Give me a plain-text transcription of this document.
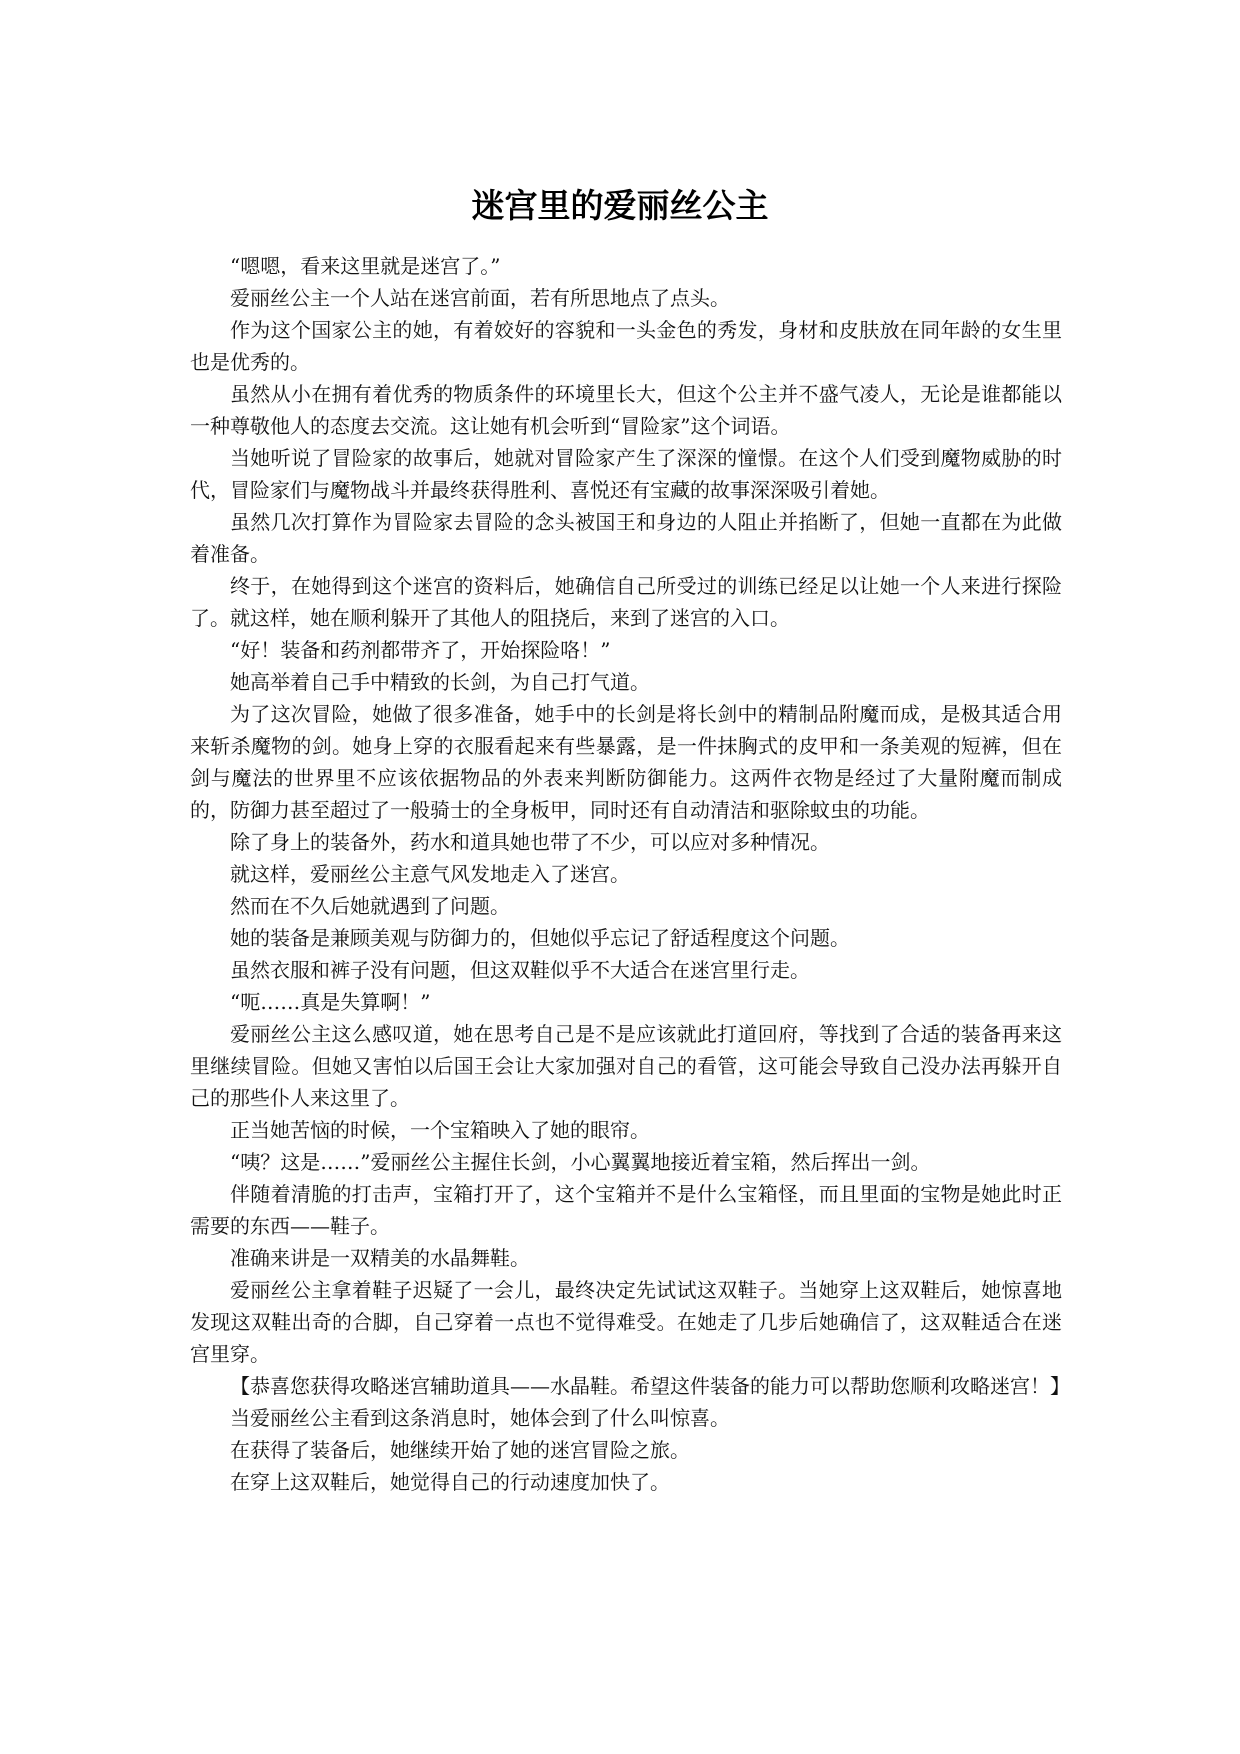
迷宫里的爱丽丝公主

“嗯嗯，看来这里就是迷宫了。”

爱丽丝公主一个人站在迷宫前面，若有所思地点了点头。

作为这个国家公主的她，有着姣好的容貌和一头金色的秀发，身材和皮肤放在同年龄的女生里也是优秀的。

虽然从小在拥有着优秀的物质条件的环境里长大，但这个公主并不盛气凌人，无论是谁都能以一种尊敬他人的态度去交流。这让她有机会听到“冒险家”这个词语。

当她听说了冒险家的故事后，她就对冒险家产生了深深的憧憬。在这个人们受到魔物威胁的时代，冒险家们与魔物战斗并最终获得胜利、喜悦还有宝藏的故事深深吸引着她。

虽然几次打算作为冒险家去冒险的念头被国王和身边的人阻止并掐断了，但她一直都在为此做着准备。

终于，在她得到这个迷宫的资料后，她确信自己所受过的训练已经足以让她一个人来进行探险了。就这样，她在顺利躲开了其他人的阻挠后，来到了迷宫的入口。

“好！装备和药剂都带齐了，开始探险咯！”

她高举着自己手中精致的长剑，为自己打气道。

为了这次冒险，她做了很多准备，她手中的长剑是将长剑中的精制品附魔而成，是极其适合用来斩杀魔物的剑。她身上穿的衣服看起来有些暴露，是一件抹胸式的皮甲和一条美观的短裤，但在剑与魔法的世界里不应该依据物品的外表来判断防御能力。这两件衣物是经过了大量附魔而制成的，防御力甚至超过了一般骑士的全身板甲，同时还有自动清洁和驱除蚊虫的功能。

除了身上的装备外，药水和道具她也带了不少，可以应对多种情况。

就这样，爱丽丝公主意气风发地走入了迷宫。

然而在不久后她就遇到了问题。

她的装备是兼顾美观与防御力的，但她似乎忘记了舒适程度这个问题。

虽然衣服和裤子没有问题，但这双鞋似乎不大适合在迷宫里行走。

“呃……真是失算啊！”

爱丽丝公主这么感叹道，她在思考自己是不是应该就此打道回府，等找到了合适的装备再来这里继续冒险。但她又害怕以后国王会让大家加强对自己的看管，这可能会导致自己没办法再躲开自己的那些仆人来这里了。

正当她苦恼的时候，一个宝箱映入了她的眼帘。

“咦？这是……”爱丽丝公主握住长剑，小心翼翼地接近着宝箱，然后挥出一剑。

伴随着清脆的打击声，宝箱打开了，这个宝箱并不是什么宝箱怪，而且里面的宝物是她此时正需要的东西——鞋子。

准确来讲是一双精美的水晶舞鞋。

爱丽丝公主拿着鞋子迟疑了一会儿，最终决定先试试这双鞋子。当她穿上这双鞋后，她惊喜地发现这双鞋出奇的合脚，自己穿着一点也不觉得难受。在她走了几步后她确信了，这双鞋适合在迷宫里穿。

【恭喜您获得攻略迷宫辅助道具——水晶鞋。希望这件装备的能力可以帮助您顺利攻略迷宫！】

当爱丽丝公主看到这条消息时，她体会到了什么叫惊喜。

在获得了装备后，她继续开始了她的迷宫冒险之旅。

在穿上这双鞋后，她觉得自己的行动速度加快了。
